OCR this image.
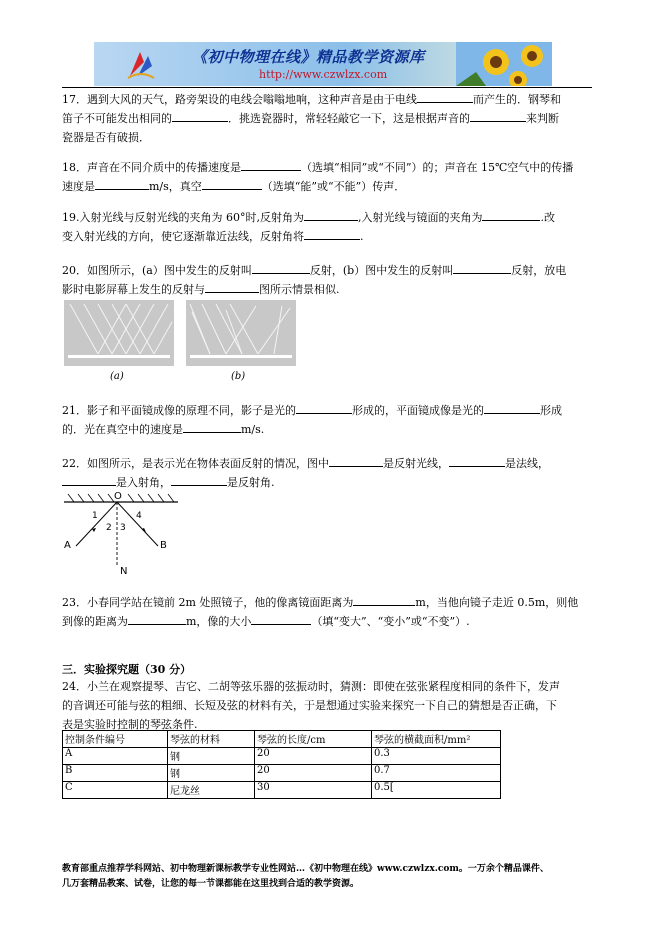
《初中物理在线》精品教学资源库
http://www.czwlzx.com
17．遇到大风的天气，路旁架设的电线会嗡嗡地响，这种声音是由于电线	而产生的．钢琴和
笛子不可能发出相同的	．挑选瓷器时，常轻轻敲它一下，这是根据声音的	来判断
瓷器是否有破损．
18．声音在不同介质中的传播速度是	（选填“相同”或“不同”）的；声音在 15℃空气中的传播
速度是	m/s，真空	（选填“能”或“不能”）传声．
19.入射光线与反射光线的夹角为 60°时,反射角为	,入射光线与镜面的夹角为	.改
变入射光线的方向，使它逐渐靠近法线，反射角将	.
20．如图所示，(a）图中发生的反射叫	反射，(b）图中发生的反射叫	反射，放电
影时电影屏幕上发生的反射与	图所示情景相似.
(a)	(b)
21．影子和平面镜成像的原理不同，影子是光的	形成的，平面镜成像是光的	形成
的．光在真空中的速度是	m/s.
22．如图所示，是表示光在物体表面反射的情况，图中	是反射光线，	是法线，
是入射角，	是反射角.
O
1
2 3
4
A	B
N
23．小春同学站在镜前 2m 处照镜子，他的像离镜面距离为	m，当他向镜子走近 0.5m，则他
到像的距离为	m，像的大小	（填“变大”、“变小”或“不变”）.
三．实验探究题（30 分）
24．小兰在观察提琴、吉它、二胡等弦乐器的弦振动时，猜测：即使在弦张紧程度相同的条件下，发声
的音调还可能与弦的粗细、长短及弦的材料有关，于是想通过实验来探究一下自己的猜想是否正确，下
表是实验时控制的琴弦条件.
控制条件编号	琴弦的材料	琴弦的长度/cm	琴弦的横截面积/mm²
A	钢	20	0.3
B	钢	20	0.7
C	尼龙丝	30	0.5[
教育部重点推荐学科网站、初中物理新课标教学专业性网站…《初中物理在线》www.czwlzx.com。一万余个精品课件、
几万套精品教案、试卷，让您的每一节课都能在这里找到合适的教学资源。
